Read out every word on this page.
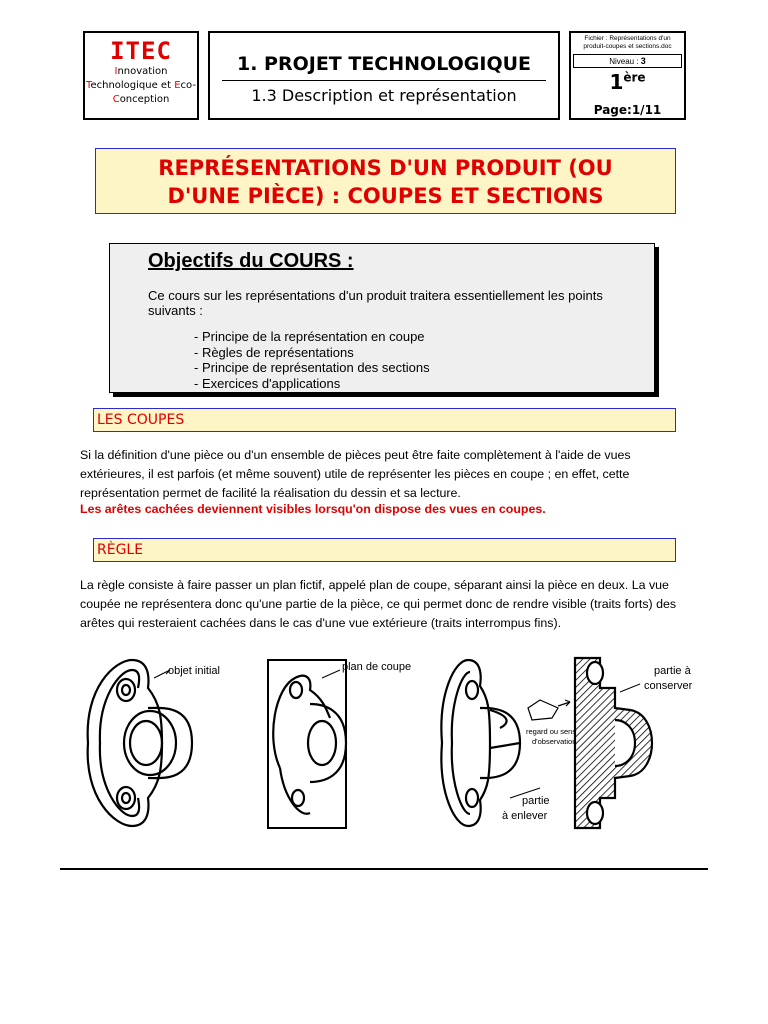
ITEC
Innovation
Technologique et Eco-
Conception
1. PROJET TECHNOLOGIQUE
1.3 Description et représentation
Fichier : Représentations d'un
produit-coupes et sections.doc
Niveau : 3
1ère
Page:1/11
REPRÉSENTATIONS D'UN PRODUIT (OU
D'UNE PIÈCE) : COUPES ET SECTIONS
Objectifs du COURS :
Ce cours sur les représentations d'un produit traitera essentiellement les points suivants :
- Principe de la représentation en coupe
- Règles de représentations
- Principe de représentation des sections
- Exercices d'applications
LES COUPES
Si la définition d'une pièce ou d'un ensemble de pièces peut être faite complètement à l'aide de vues extérieures, il est parfois (et même souvent) utile de représenter les pièces en coupe ; en effet, cette représentation permet de facilité la réalisation du dessin et sa lecture.
Les arêtes cachées deviennent visibles lorsqu'on dispose des vues en coupes.
RÈGLE
La règle consiste à faire passer un plan fictif, appelé plan de coupe, séparant ainsi la pièce en deux. La vue coupée ne représentera donc qu'une partie de la pièce, ce qui permet donc de rendre visible (traits forts) des arêtes qui resteraient cachées dans le cas d'une vue extérieure (traits interrompus fins).
objet initial	plan de coupe	partie à
conserver
regard ou sens
d'observation
partie
à enlever
